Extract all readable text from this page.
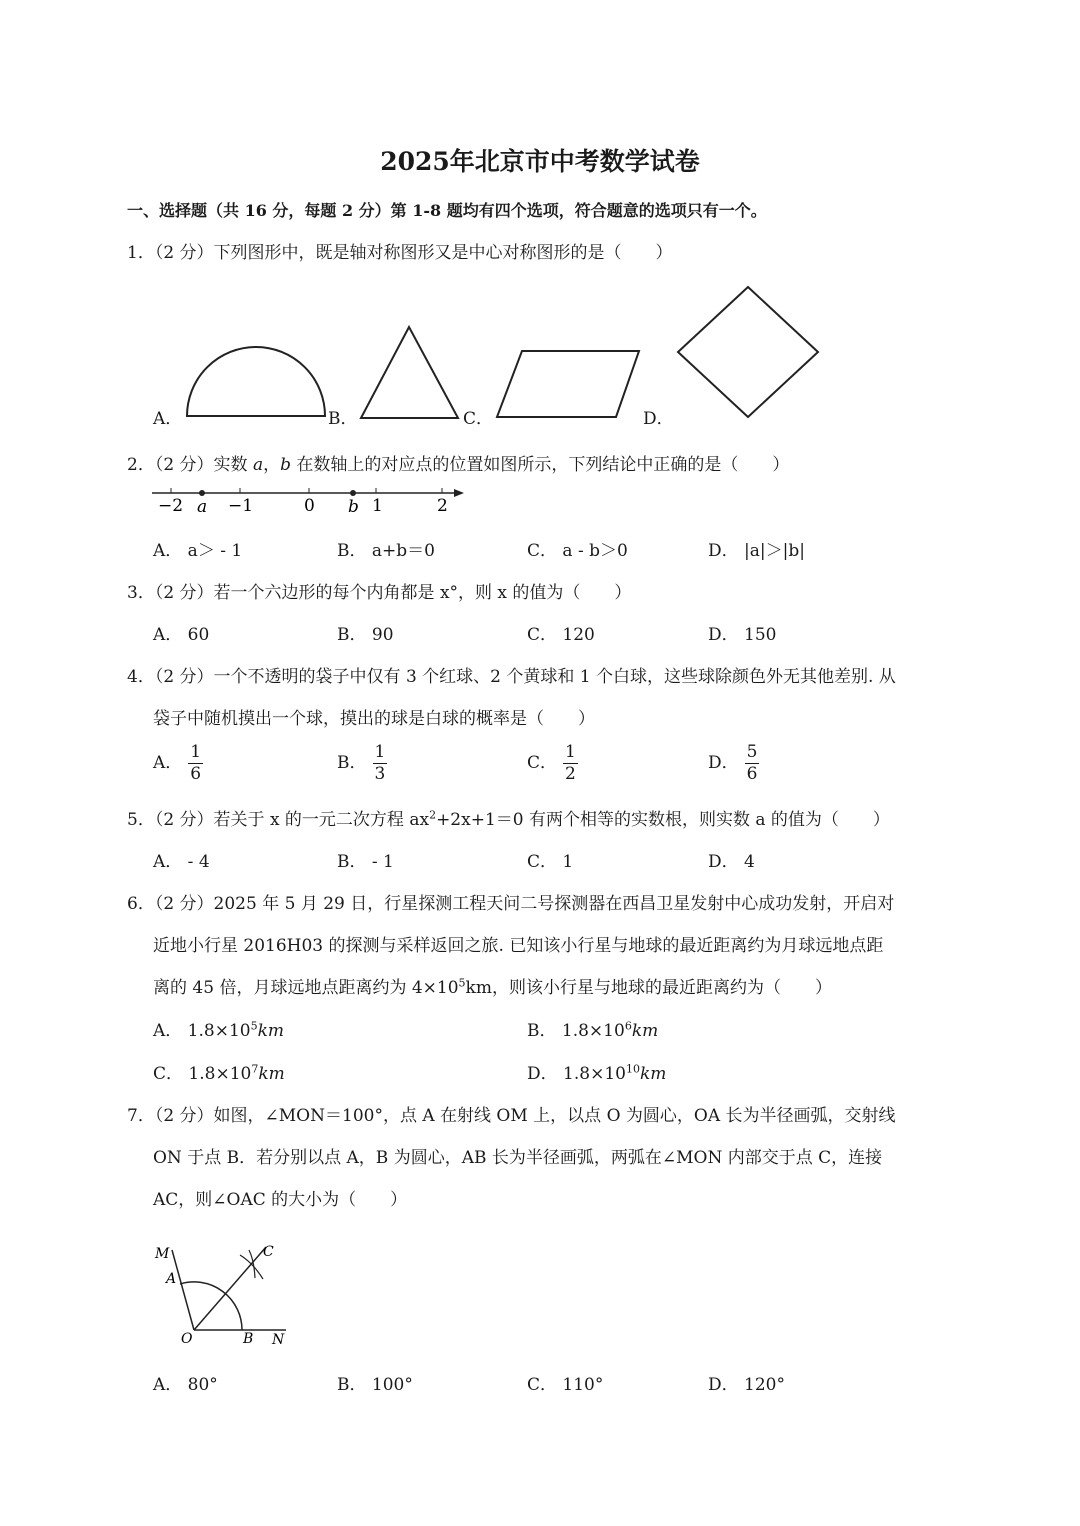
2025年北京市中考数学试卷
一、选择题（共 16 分，每题 2 分）第 1-8 题均有四个选项，符合题意的选项只有一个。
1．（2 分）下列图形中，既是轴对称图形又是中心对称图形的是（　　）
A．	B．	C．	D．
2．（2 分）实数 a，b 在数轴上的对应点的位置如图所示，下列结论中正确的是（　　）
−2 a −1	0 b 1	2
A． a＞ - 1	B． a+b＝0	C． a - b＞0	D． |a|＞|b|
3．（2 分）若一个六边形的每个内角都是 x°，则 x 的值为（　　）
A． 60	B． 90	C． 120	D． 150
4．（2 分）一个不透明的袋子中仅有 3 个红球、2 个黄球和 1 个白球，这些球除颜色外无其他差别. 从
袋子中随机摸出一个球，摸出的球是白球的概率是（　　）
A． $\frac{1}{6}$	B． $\frac{1}{3}$	C． $\frac{1}{2}$	D． $\frac{5}{6}$
5．（2 分）若关于 x 的一元二次方程 $ax^2+2x+1=0$ 有两个相等的实数根，则实数 a 的值为（　　）
A． - 4	B． - 1	C． 1	D． 4
6．（2 分）2025 年 5 月 29 日，行星探测工程天问二号探测器在西昌卫星发射中心成功发射，开启对
近地小行星 2016H03 的探测与采样返回之旅. 已知该小行星与地球的最近距离约为月球远地点距
离的 45 倍，月球远地点距离约为 $4\times 10^5km$，则该小行星与地球的最近距离约为（　　）
A． $1.8\times 10^5km$	B． $1.8\times 10^6km$
C． $1.8\times 10^7km$	D． $1.8\times 10^{10}km$
7．（2 分）如图，∠MON＝100°，点 A 在射线 OM 上，以点 O 为圆心，OA 长为半径画弧，交射线
ON 于点 B．若分别以点 A，B 为圆心，AB 长为半径画弧，两弧在∠MON 内部交于点 C，连接
AC，则∠OAC 的大小为（　　）
M
A
C
O	B N
A． 80°	B． 100°	C． 110°	D． 120°
